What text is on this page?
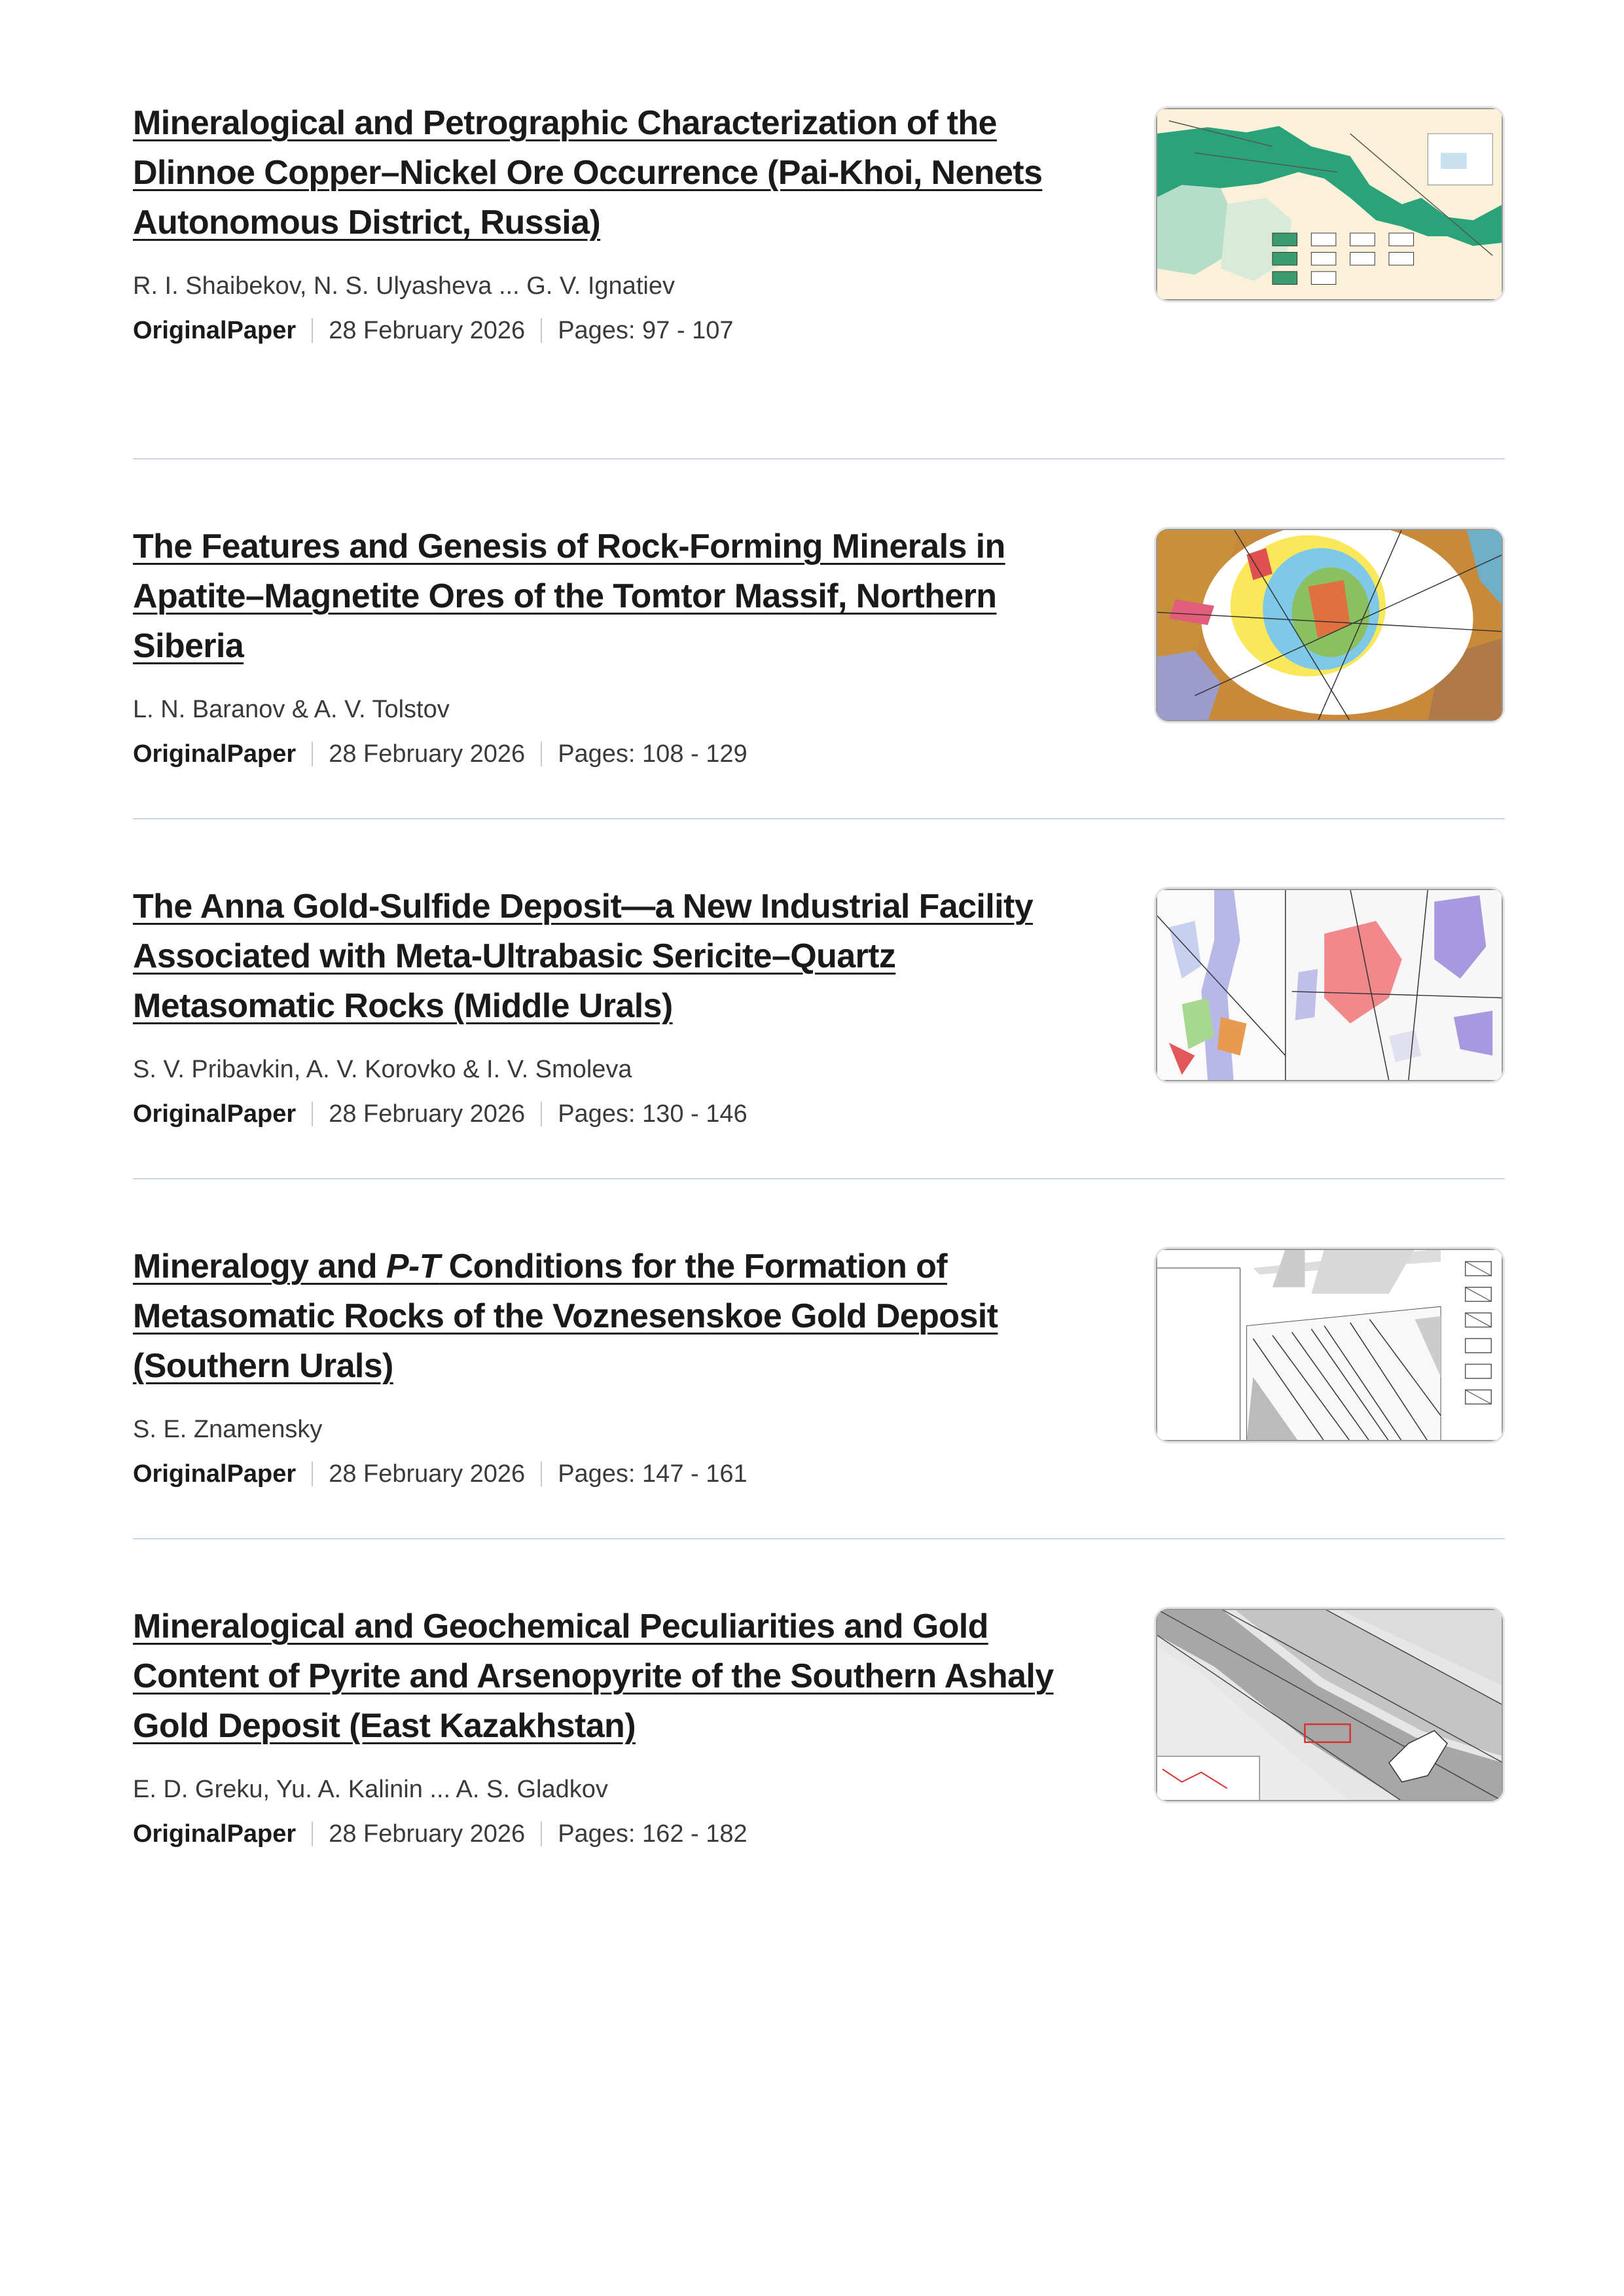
Mineralogical and Petrographic Characterization of the Dlinnoe Copper–Nickel Ore Occurrence (Pai-Khoi, Nenets Autonomous District, Russia)
R. I. Shaibekov, N. S. Ulyasheva ... G. V. Ignatiev
OriginalPaper 28 February 2026 Pages: 97 - 107
The Features and Genesis of Rock-Forming Minerals in Apatite–Magnetite Ores of the Tomtor Massif, Northern Siberia
L. N. Baranov & A. V. Tolstov
OriginalPaper 28 February 2026 Pages: 108 - 129
The Anna Gold-Sulfide Deposit—a New Industrial Facility Associated with Meta-Ultrabasic Sericite–Quartz Metasomatic Rocks (Middle Urals)
S. V. Pribavkin, A. V. Korovko & I. V. Smoleva
OriginalPaper 28 February 2026 Pages: 130 - 146
Mineralogy and P-T Conditions for the Formation of Metasomatic Rocks of the Voznesenskoe Gold Deposit (Southern Urals)
S. E. Znamensky
OriginalPaper 28 February 2026 Pages: 147 - 161
Mineralogical and Geochemical Peculiarities and Gold Content of Pyrite and Arsenopyrite of the Southern Ashaly Gold Deposit (East Kazakhstan)
E. D. Greku, Yu. A. Kalinin ... A. S. Gladkov
OriginalPaper 28 February 2026 Pages: 162 - 182
